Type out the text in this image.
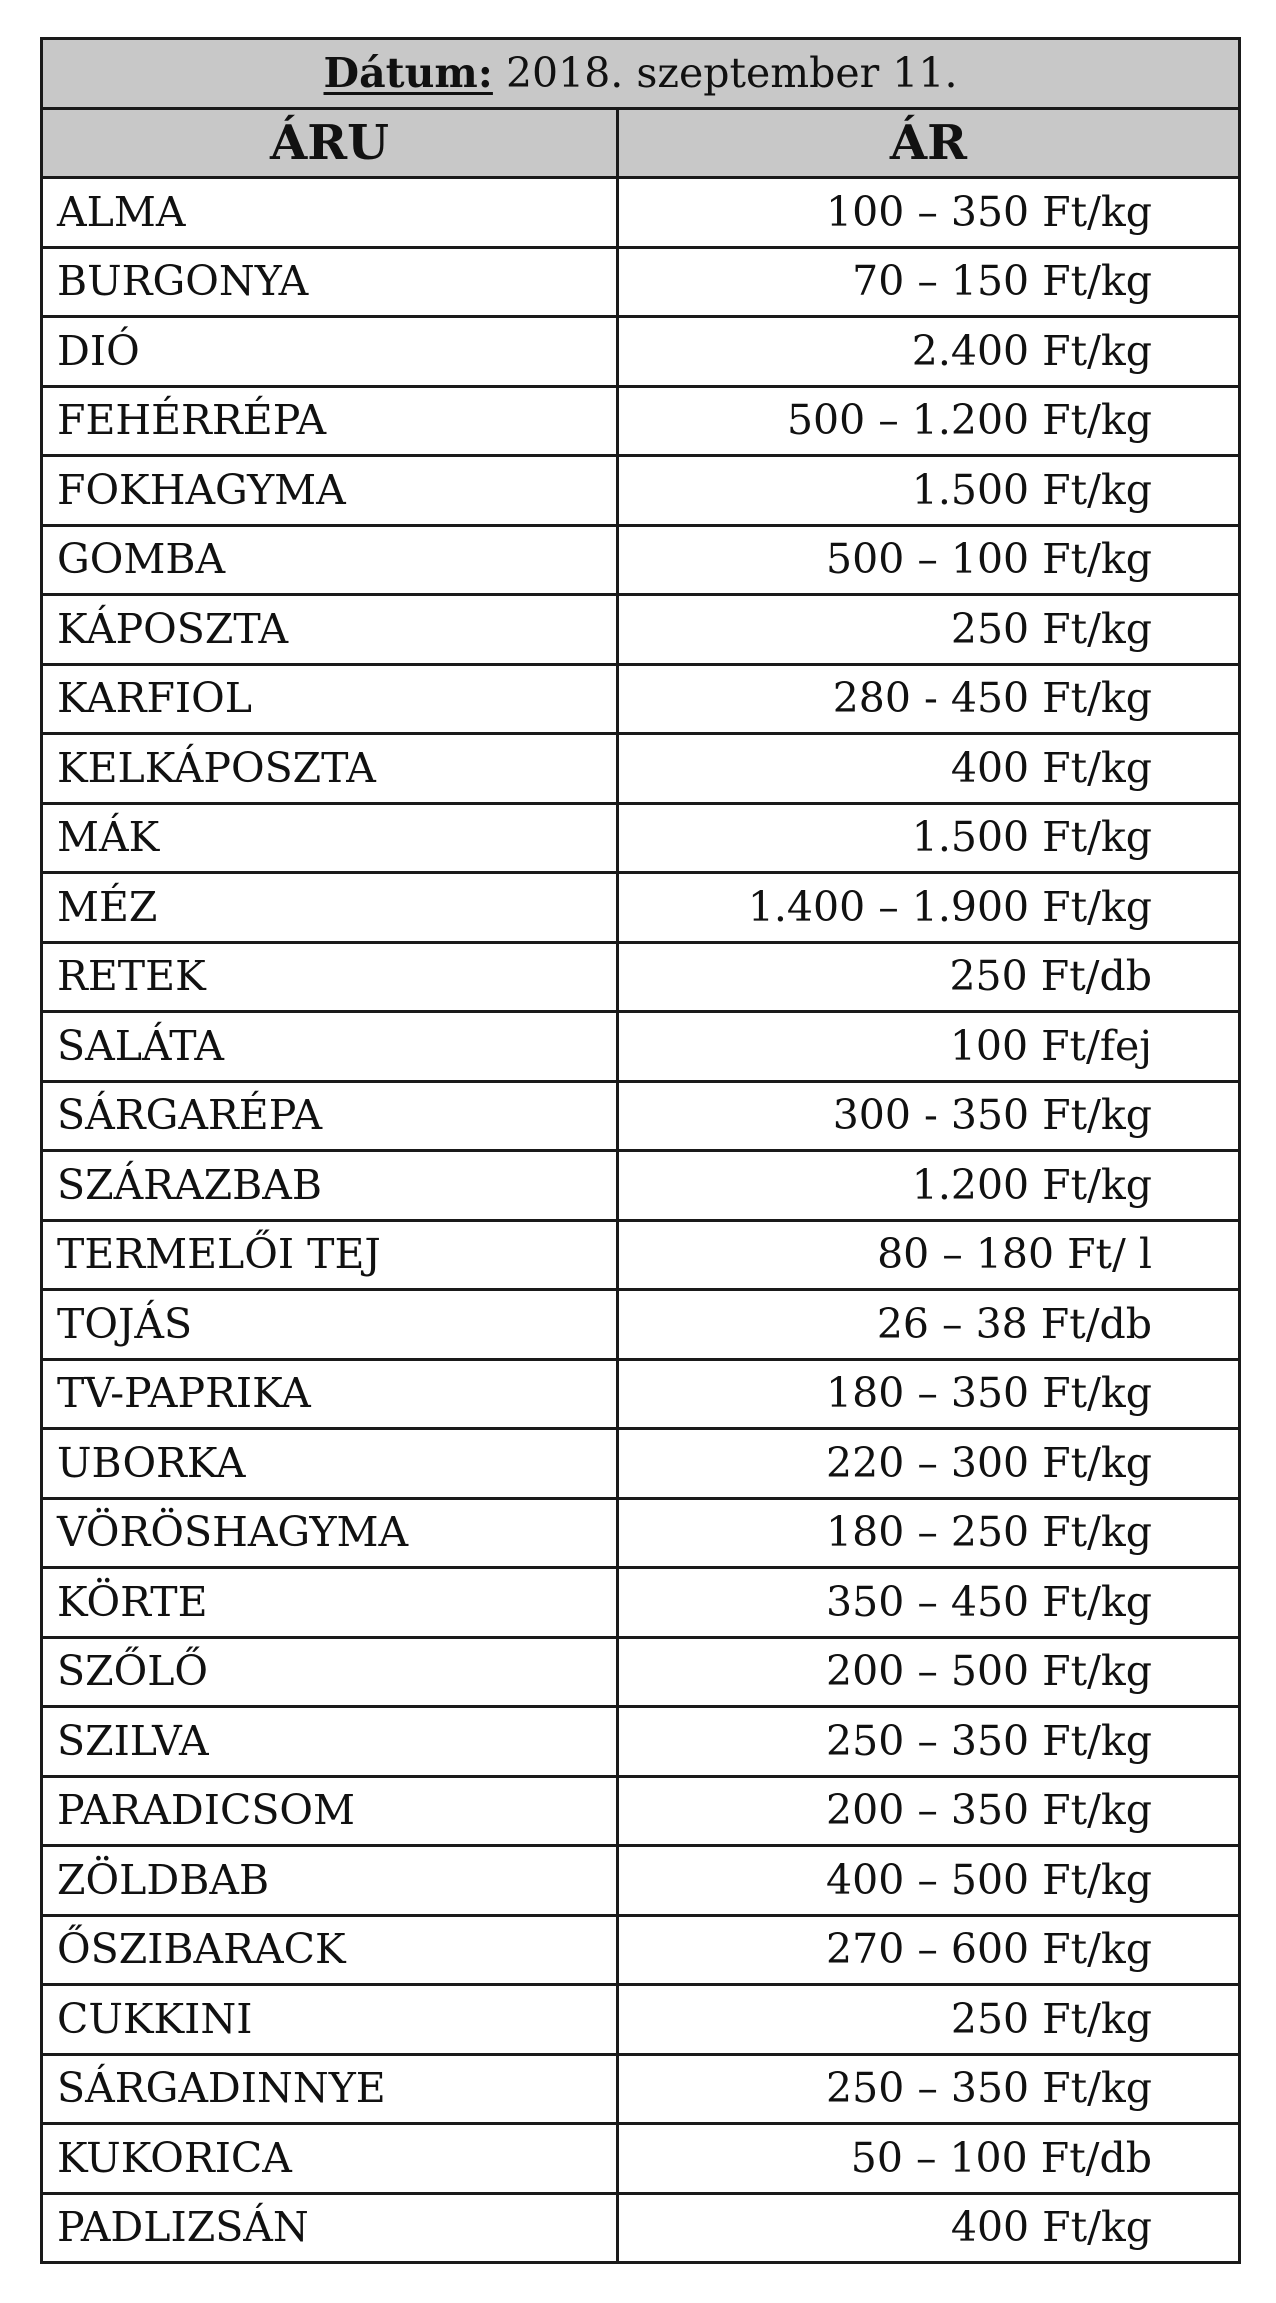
Dátum: 2018. szeptember 11.	
ÁRU	ÁR
ALMA	100 – 350 Ft/kg
BURGONYA	70 – 150 Ft/kg
DIÓ	2.400 Ft/kg
FEHÉRRÉPA	500 – 1.200 Ft/kg
FOKHAGYMA	1.500 Ft/kg
GOMBA	500 – 100 Ft/kg
KÁPOSZTA	250 Ft/kg
KARFIOL	280 - 450 Ft/kg
KELKÁPOSZTA	400 Ft/kg
MÁK	1.500 Ft/kg
MÉZ	1.400 – 1.900 Ft/kg
RETEK	250 Ft/db
SALÁTA	100 Ft/fej
SÁRGARÉPA	300 - 350 Ft/kg
SZÁRAZBAB	1.200 Ft/kg
TERMELŐI TEJ	80 – 180 Ft/ l
TOJÁS	26 – 38 Ft/db
TV-PAPRIKA	180 – 350 Ft/kg
UBORKA	220 – 300 Ft/kg
VÖRÖSHAGYMA	180 – 250 Ft/kg
KÖRTE	350 – 450 Ft/kg
SZŐLŐ	200 – 500 Ft/kg
SZILVA	250 – 350 Ft/kg
PARADICSOM	200 – 350 Ft/kg
ZÖLDBAB	400 – 500 Ft/kg
ŐSZIBARACK	270 – 600 Ft/kg
CUKKINI	250 Ft/kg
SÁRGADINNYE	250 – 350 Ft/kg
KUKORICA	50 – 100 Ft/db
PADLIZSÁN	400 Ft/kg
